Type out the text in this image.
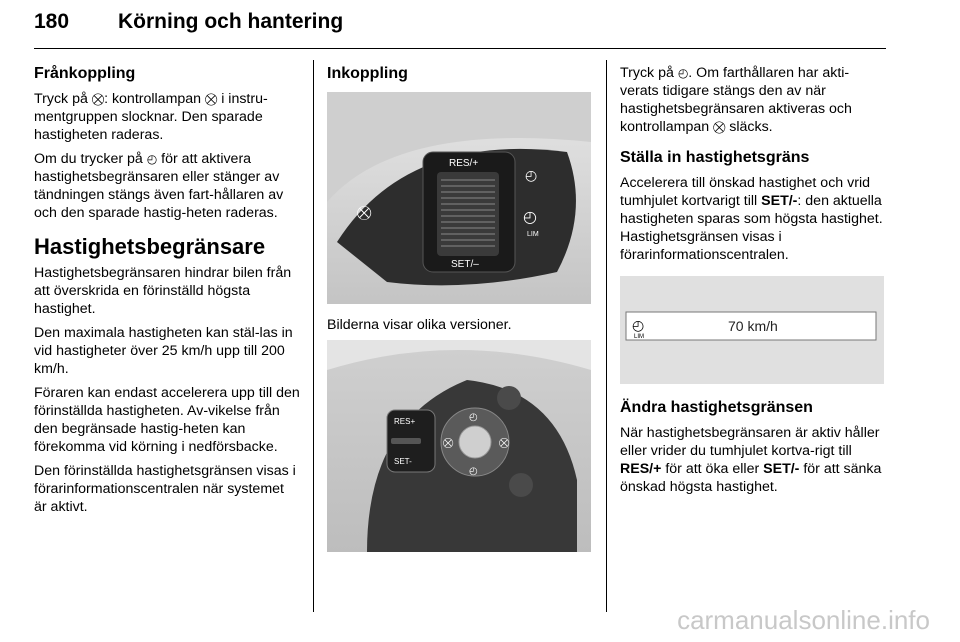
180 Körning och hantering
Frånkoppling

Tryck på ⛒: kontrollampan ⛒ i instru-mentgruppen slocknar. Den sparade hastigheten raderas.

Om du trycker på ◴ för att aktivera hastighetsbegränsaren eller stänger av tändningen stängs även fart-hållaren av och den sparade hastig-heten raderas.

Hastighetsbegränsare

Hastighetsbegränsaren hindrar bilen från att överskrida en förinställd högsta hastighet.

Den maximala hastigheten kan stäl-las in vid hastigheter över 25 km/h upp till 200 km/h.

Föraren kan endast accelerera upp till den förinställda hastigheten. Av-vikelse från den begränsade hastig-heten kan förekomma vid körning i nedförsbacke.

Den förinställda hastighetsgränsen visas i förarinformationscentralen när systemet är aktivt.

Inkoppling
RES/+
SET/–
⛒
◴
◴
LIM

Bilderna visar olika versioner.

RES+
SET-
◴
⛒	⛒
◴

Tryck på ◴. Om farthållaren har akti-verats tidigare stängs den av när hastighetsbegränsaren aktiveras och kontrollampan ⛒ släcks.

Ställa in hastighetsgräns

Accelerera till önskad hastighet och vrid tumhjulet kortvarigt till SET/-: den aktuella hastigheten sparas som högsta hastighet. Hastighetsgränsen visas i förarinformationscentralen.

◴
LIM
70 km/h
Ändra hastighetsgränsen

När hastighetsbegränsaren är aktiv håller eller vrider du tumhjulet kortva-rigt till RES/+ för att öka eller SET/- för att sänka önskad högsta hastighet.

carmanualsonline.info
